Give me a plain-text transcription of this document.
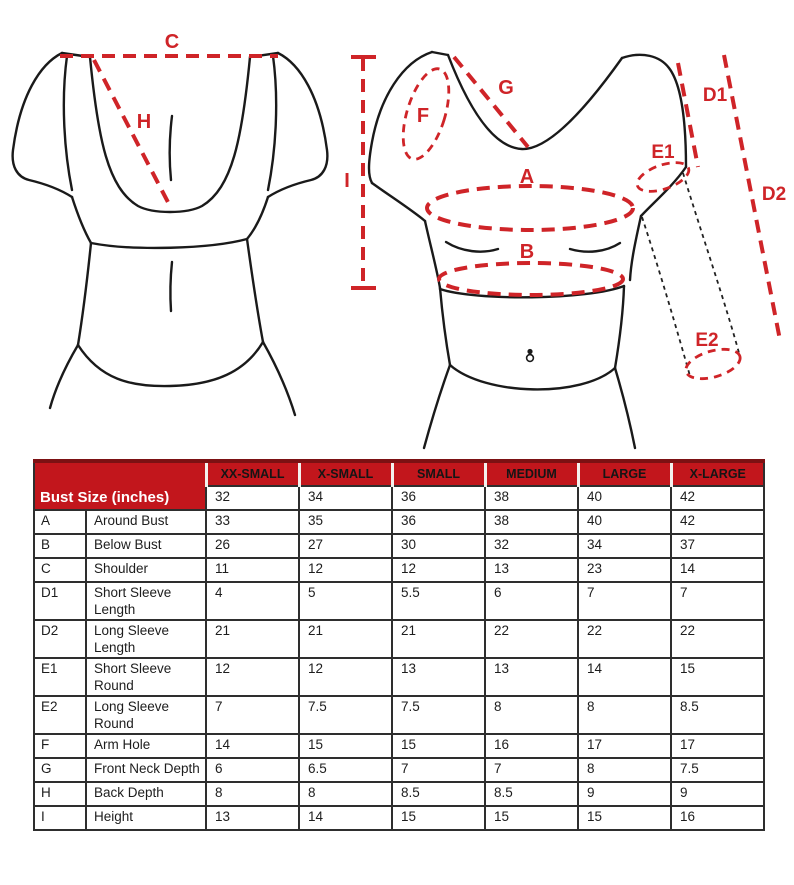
C
H
I
F
G
A
B
D1
D2
E1
E2
Bust Size (inches)		XX-SMALL	X-SMALL	SMALL	MEDIUM	LARGE	X-LARGE
		32	34	36	38	40	42
A	Around Bust	33	35	36	38	40	42
B	Below Bust	26	27	30	32	34	37
C	Shoulder	11	12	12	13	23	14
D1	Short Sleeve Length	4	5	5.5	6	7	7
D2	Long Sleeve Length	21	21	21	22	22	22
E1	Short Sleeve Round	12	12	13	13	14	15
E2	Long Sleeve Round	7	7.5	7.5	8	8	8.5
F	Arm Hole	14	15	15	16	17	17
G	Front Neck Depth	6	6.5	7	7	8	7.5
H	Back Depth	8	8	8.5	8.5	9	9
I	Height	13	14	15	15	15	16
